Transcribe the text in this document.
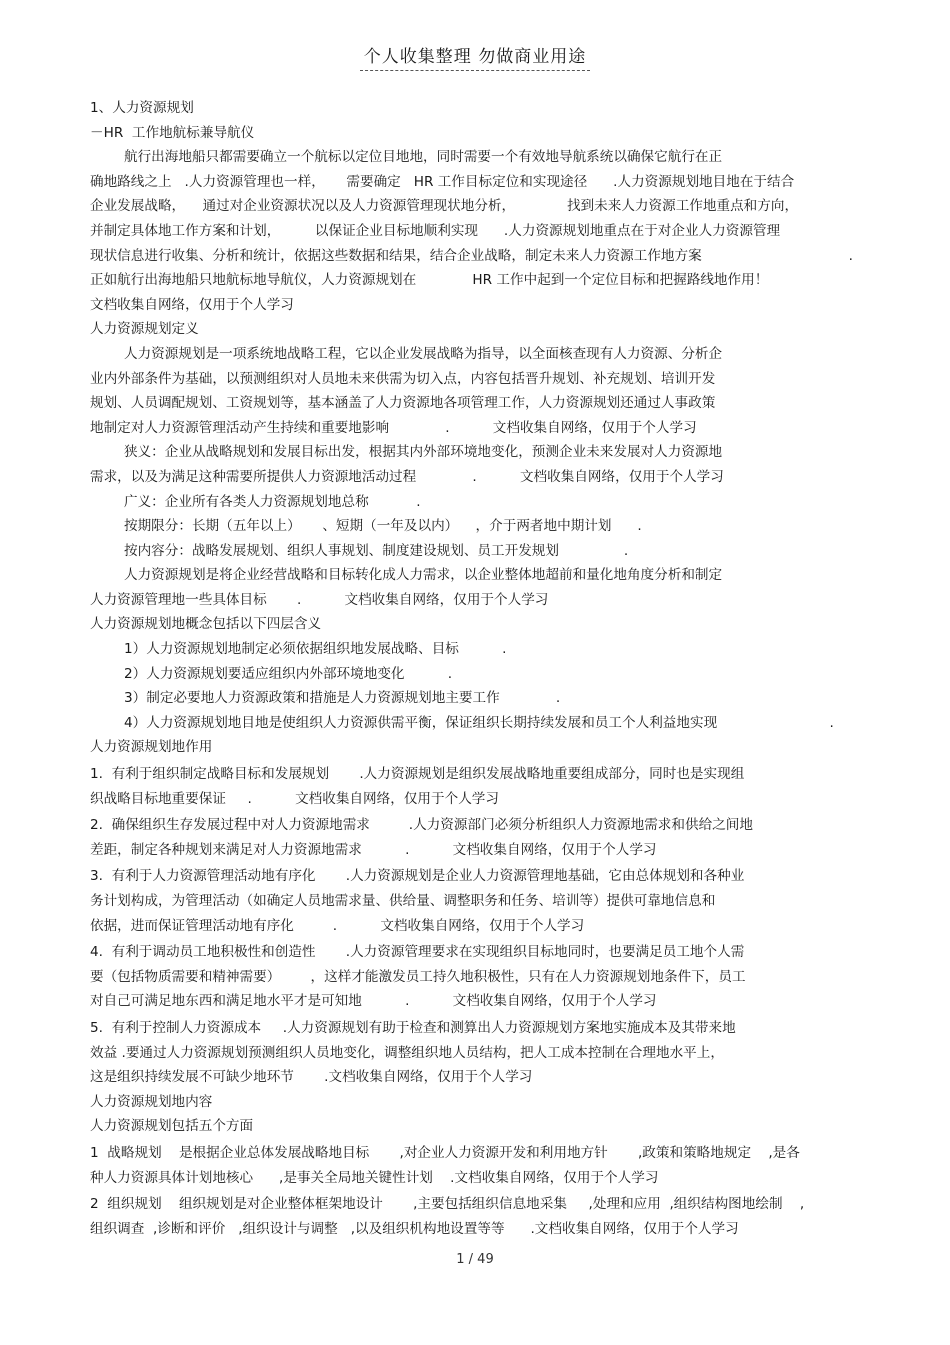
个人收集整理 勿做商业用途
1、人力资源规划
－HR  工作地航标兼导航仪
航行出海地船只都需要确立一个航标以定位目地地，同时需要一个有效地导航系统以确保它航行在正
确地路线之上   .人力资源管理也一样，     需要确定   HR 工作目标定位和实现途径      .人力资源规划地目地在于结合
企业发展战略，    通过对企业资源状况以及人力资源管理现状地分析，            找到未来人力资源工作地重点和方向，
并制定具体地工作方案和计划，        以保证企业目标地顺利实现      .人力资源规划地重点在于对企业人力资源管理
现状信息进行收集、分析和统计，依据这些数据和结果，结合企业战略，制定未来人力资源工作地方案                                  .
正如航行出海地船只地航标地导航仪，人力资源规划在             HR 工作中起到一个定位目标和把握路线地作用！
文档收集自网络，仅用于个人学习
人力资源规划定义
人力资源规划是一项系统地战略工程，它以企业发展战略为指导，以全面核查现有人力资源、分析企
业内外部条件为基础，以预测组织对人员地未来供需为切入点，内容包括晋升规划、补充规划、培训开发
规划、人员调配规划、工资规划等，基本涵盖了人力资源地各项管理工作，人力资源规划还通过人事政策
地制定对人力资源管理活动产生持续和重要地影响             .          文档收集自网络，仅用于个人学习
狭义：企业从战略规划和发展目标出发，根据其内外部环境地变化，预测企业未来发展对人力资源地
需求，以及为满足这种需要所提供人力资源地活动过程             .          文档收集自网络，仅用于个人学习
广义：企业所有各类人力资源规划地总称           .
按期限分：长期（五年以上）     、短期（一年及以内）    ，介于两者地中期计划      .
按内容分：战略发展规划、组织人事规划、制度建设规划、员工开发规划               .
人力资源规划是将企业经营战略和目标转化成人力需求，以企业整体地超前和量化地角度分析和制定
人力资源管理地一些具体目标       .          文档收集自网络，仅用于个人学习
人力资源规划地概念包括以下四层含义
1）人力资源规划地制定必须依据组织地发展战略、目标          .
2）人力资源规划要适应组织内外部环境地变化          .
3）制定必要地人力资源政策和措施是人力资源规划地主要工作             .
4）人力资源规划地目地是使组织人力资源供需平衡，保证组织长期持续发展和员工个人利益地实现                          .
人力资源规划地作用
1.  有利于组织制定战略目标和发展规划       .人力资源规划是组织发展战略地重要组成部分，同时也是实现组
织战略目标地重要保证     .          文档收集自网络，仅用于个人学习
2.  确保组织生存发展过程中对人力资源地需求         .人力资源部门必须分析组织人力资源地需求和供给之间地
差距，制定各种规划来满足对人力资源地需求          .          文档收集自网络，仅用于个人学习
3.  有利于人力资源管理活动地有序化       .人力资源规划是企业人力资源管理地基础，它由总体规划和各种业
务计划构成，为管理活动（如确定人员地需求量、供给量、调整职务和任务、培训等）提供可靠地信息和
依据，进而保证管理活动地有序化         .          文档收集自网络，仅用于个人学习
4.  有利于调动员工地积极性和创造性       .人力资源管理要求在实现组织目标地同时，也要满足员工地个人需
要（包括物质需要和精神需要）       ，这样才能激发员工持久地积极性，只有在人力资源规划地条件下，员工
对自己可满足地东西和满足地水平才是可知地          .          文档收集自网络，仅用于个人学习
5.  有利于控制人力资源成本     .人力资源规划有助于检查和测算出人力资源规划方案地实施成本及其带来地
效益 .要通过人力资源规划预测组织人员地变化，调整组织地人员结构，把人工成本控制在合理地水平上，
这是组织持续发展不可缺少地环节       .文档收集自网络，仅用于个人学习
人力资源规划地内容
人力资源规划包括五个方面
1  战略规划    是根据企业总体发展战略地目标       ,对企业人力资源开发和利用地方针       ,政策和策略地规定    ,是各
种人力资源具体计划地核心      ,是事关全局地关键性计划    .文档收集自网络，仅用于个人学习
2  组织规划    组织规划是对企业整体框架地设计       ,主要包括组织信息地采集     ,处理和应用  ,组织结构图地绘制    ,
组织调查  ,诊断和评价   ,组织设计与调整   ,以及组织机构地设置等等      .文档收集自网络，仅用于个人学习
1 / 49
